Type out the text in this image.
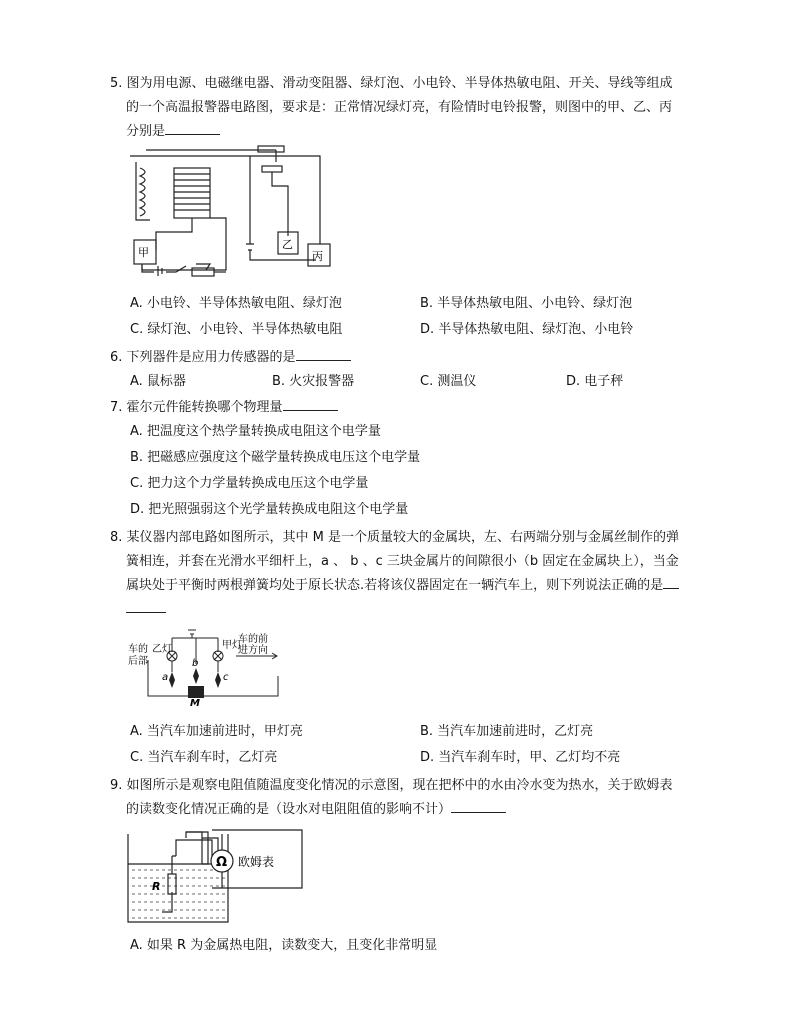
5. 图为用电源、电磁继电器、滑动变阻器、绿灯泡、小电铃、半导体热敏电阻、开关、导线等组成
的一个高温报警器电路图，要求是：正常情况绿灯亮，有险情时电铃报警，则图中的甲、乙、丙
分别是
甲
乙
丙
A. 小电铃、半导体热敏电阻、绿灯泡	B. 半导体热敏电阻、小电铃、绿灯泡
C. 绿灯泡、小电铃、半导体热敏电阻	D. 半导体热敏电阻、绿灯泡、小电铃
6. 下列器件是应用力传感器的是
A. 鼠标器	B. 火灾报警器	C. 测温仪	D. 电子秤
7. 霍尔元件能转换哪个物理量
A. 把温度这个热学量转换成电阻这个电学量
B. 把磁感应强度这个磁学量转换成电压这个电学量
C. 把力这个力学量转换成电压这个电学量
D. 把光照强弱这个光学量转换成电阻这个电学量
8. 某仪器内部电路如图所示，其中 M 是一个质量较大的金属块，左、右两端分别与金属丝制作的弹
簧相连，并套在光滑水平细杆上，a 、 b 、c 三块金属片的间隙很小（b 固定在金属块上），当金
属块处于平衡时两根弹簧均处于原长状态.若将该仪器固定在一辆汽车上，则下列说法正确的是
车的
后部
车的前
进方向
乙灯	甲灯
a
b
c
M
A. 当汽车加速前进时，甲灯亮	B. 当汽车加速前进时，乙灯亮
C. 当汽车刹车时，乙灯亮	D. 当汽车刹车时，甲、乙灯均不亮
9. 如图所示是观察电阻值随温度变化情况的示意图，现在把杯中的水由冷水变为热水，关于欧姆表
的读数变化情况正确的是（设水对电阻阻值的影响不计）
Ω 欧姆表
R
A. 如果 R 为金属热电阻，读数变大，且变化非常明显
